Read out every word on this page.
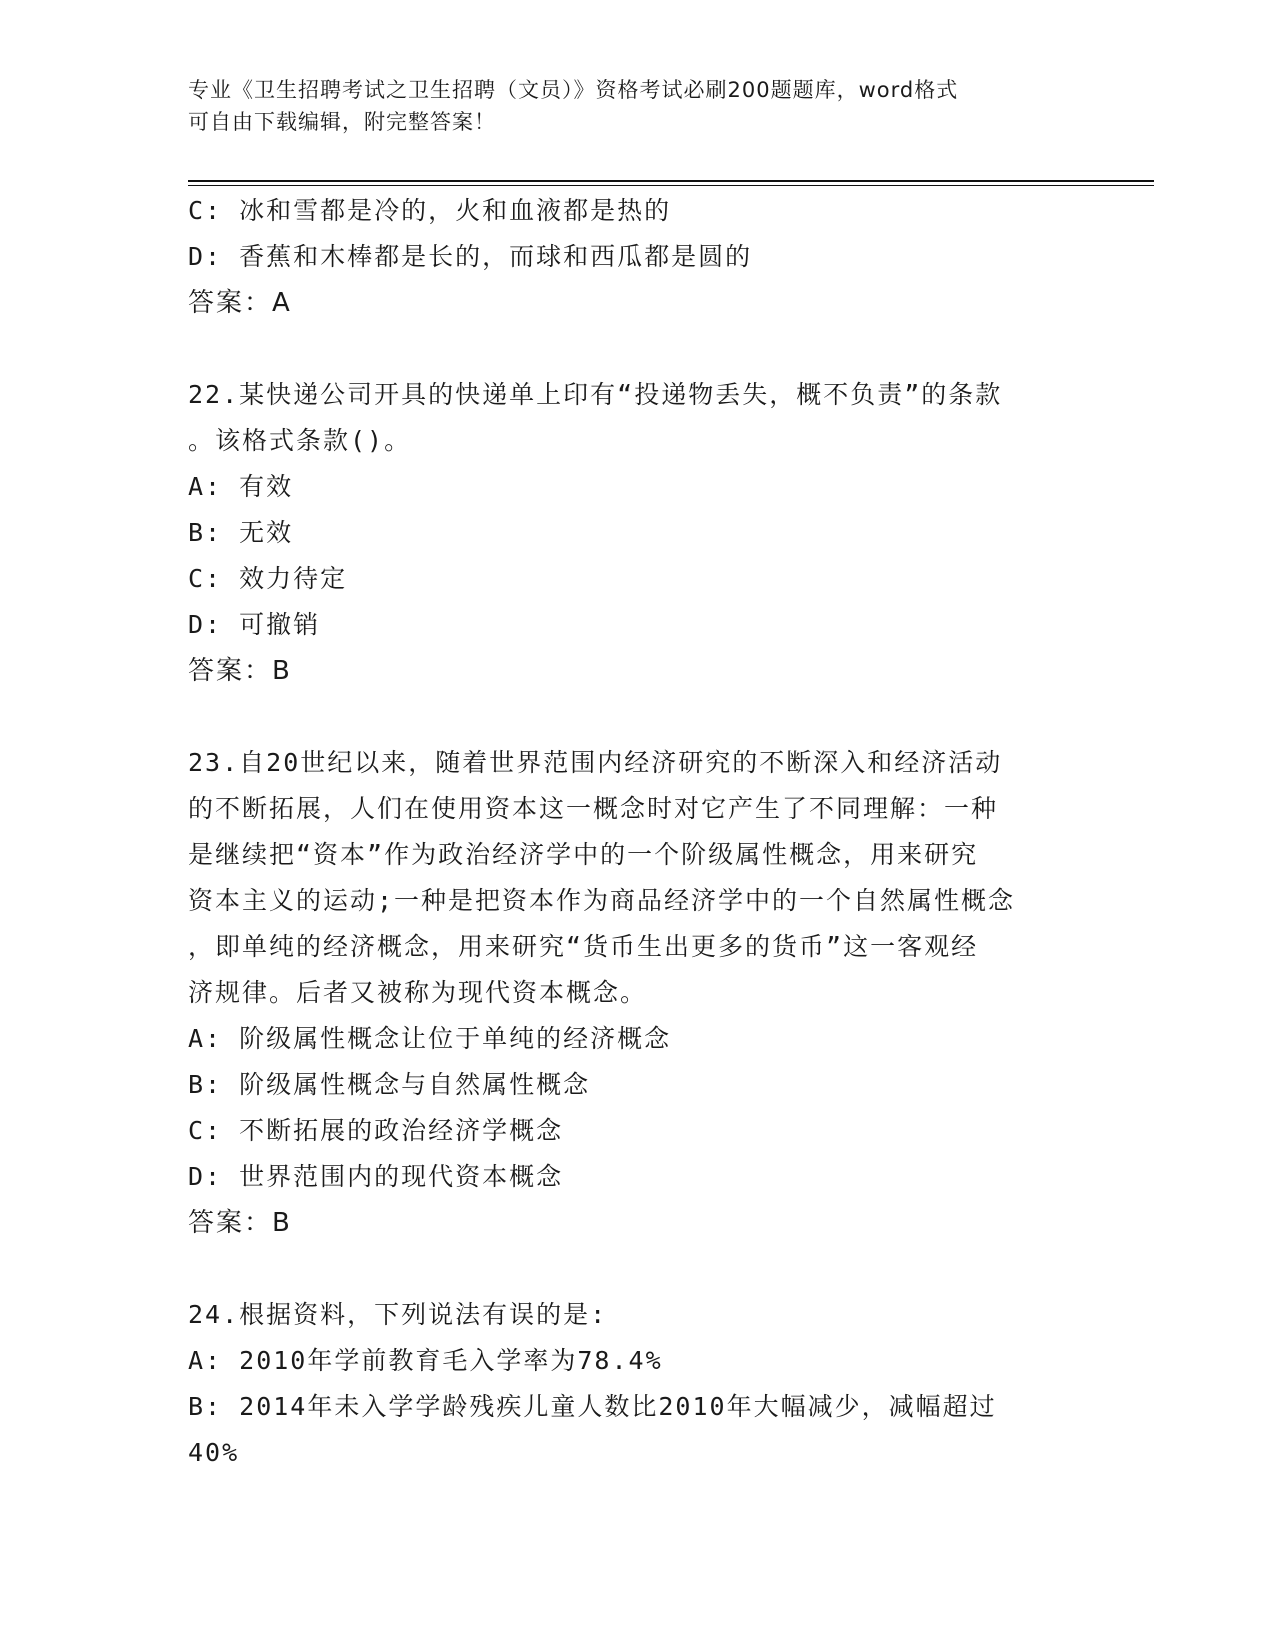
专业《卫生招聘考试之卫生招聘（文员）》资格考试必刷200题题库，word格式
可自由下载编辑，附完整答案！
C: 冰和雪都是冷的，火和血液都是热的
D: 香蕉和木棒都是长的，而球和西瓜都是圆的
答案：A
22.某快递公司开具的快递单上印有“投递物丢失，概不负责”的条款
。该格式条款()。
A: 有效
B: 无效
C: 效力待定
D: 可撤销
答案：B
23.自20世纪以来，随着世界范围内经济研究的不断深入和经济活动
的不断拓展，人们在使用资本这一概念时对它产生了不同理解：一种
是继续把“资本”作为政治经济学中的一个阶级属性概念，用来研究
资本主义的运动;一种是把资本作为商品经济学中的一个自然属性概念
，即单纯的经济概念，用来研究“货币生出更多的货币”这一客观经
济规律。后者又被称为现代资本概念。
A: 阶级属性概念让位于单纯的经济概念
B: 阶级属性概念与自然属性概念
C: 不断拓展的政治经济学概念
D: 世界范围内的现代资本概念
答案：B
24.根据资料，下列说法有误的是:
A: 2010年学前教育毛入学率为78.4%
B: 2014年未入学学龄残疾儿童人数比2010年大幅减少，减幅超过
40%
